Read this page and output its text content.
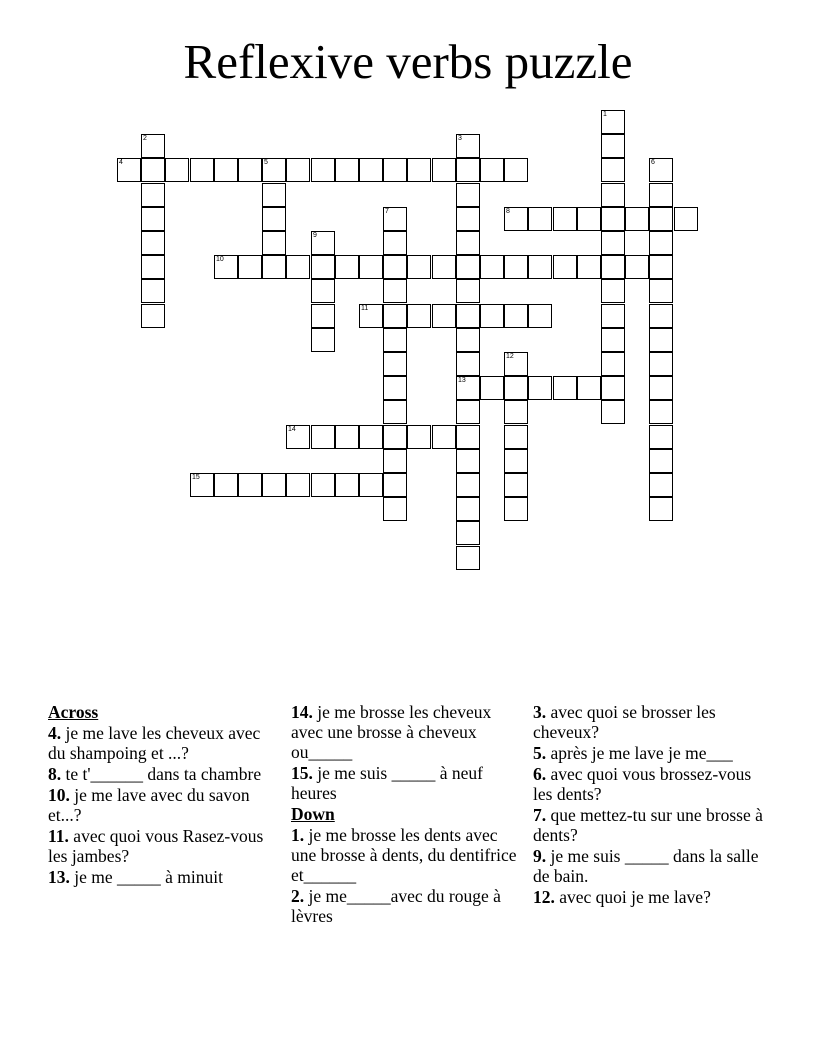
Reflexive verbs puzzle
1
2	3
13
4	5	6
7	8
9
10
11
12
14
15
Across
4. je me lave les cheveux avec du shampoing et ...?
8. te t'______ dans ta chambre
10. je me lave avec du savon et...?
11. avec quoi vous Rasez-vous les jambes?
13. je me _____ à minuit
14. je me brosse les cheveux avec une brosse à cheveux ou_____
15. je me suis _____ à neuf heures
Down
1. je me brosse les dents avec une brosse à dents, du dentifrice et______
2. je me_____avec du rouge à lèvres
3. avec quoi se brosser les cheveux?
5. après je me lave je me___
6. avec quoi vous brossez-vous les dents?
7. que mettez-tu sur une brosse à dents?
9. je me suis _____ dans la salle de bain.
12. avec quoi je me lave?
